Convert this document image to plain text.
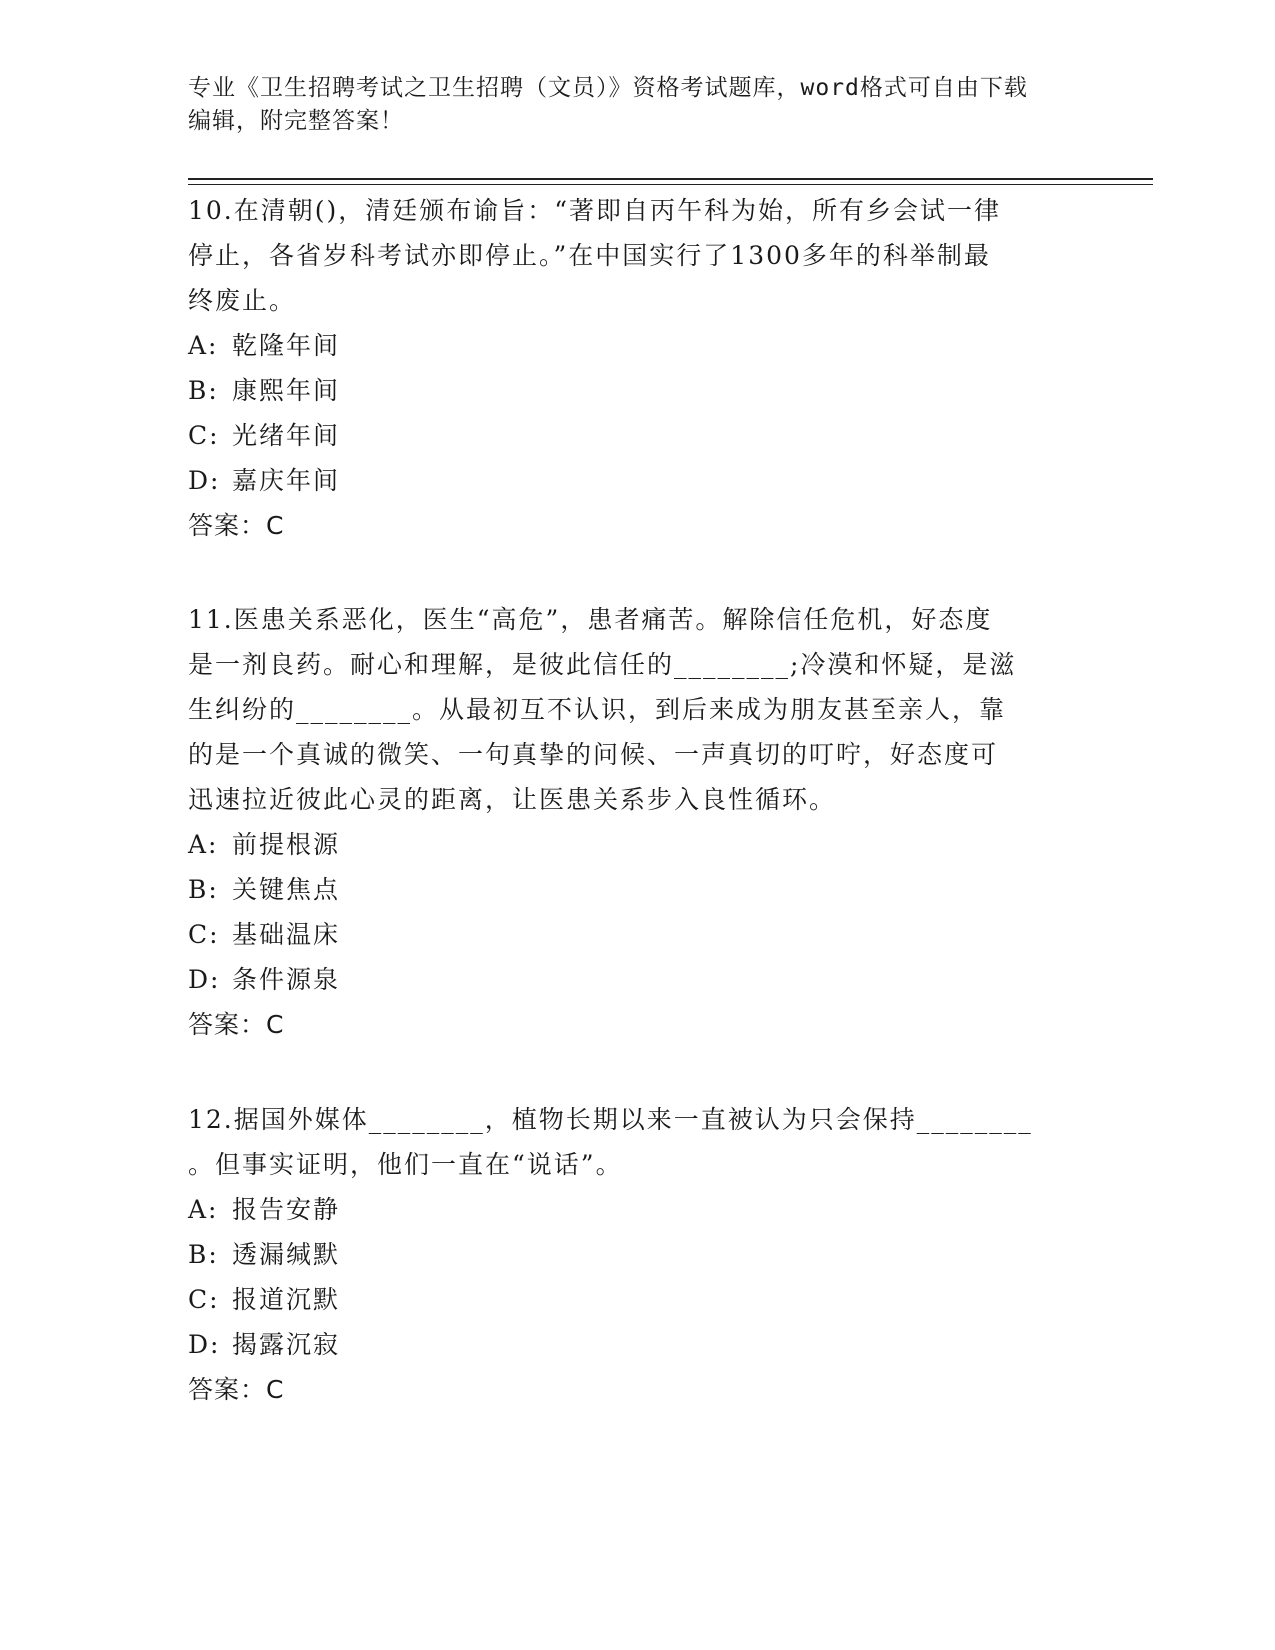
专业《卫生招聘考试之卫生招聘（文员）》资格考试题库，word格式可自由下载
编辑，附完整答案！

10.在清朝()，清廷颁布谕旨：“著即自丙午科为始，所有乡会试一律

停止，各省岁科考试亦即停止。”在中国实行了1300多年的科举制最

终废止。

A: 乾隆年间

B: 康熙年间

C: 光绪年间

D: 嘉庆年间

答案：C

11.医患关系恶化，医生“高危”，患者痛苦。解除信任危机，好态度

是一剂良药。耐心和理解，是彼此信任的________;冷漠和怀疑，是滋

生纠纷的________。从最初互不认识，到后来成为朋友甚至亲人，靠

的是一个真诚的微笑、一句真挚的问候、一声真切的叮咛，好态度可

迅速拉近彼此心灵的距离，让医患关系步入良性循环。

A: 前提根源

B: 关键焦点

C: 基础温床

D: 条件源泉

答案：C

12.据国外媒体________，植物长期以来一直被认为只会保持________

。但事实证明，他们一直在“说话”。

A: 报告安静

B: 透漏缄默

C: 报道沉默

D: 揭露沉寂

答案：C
